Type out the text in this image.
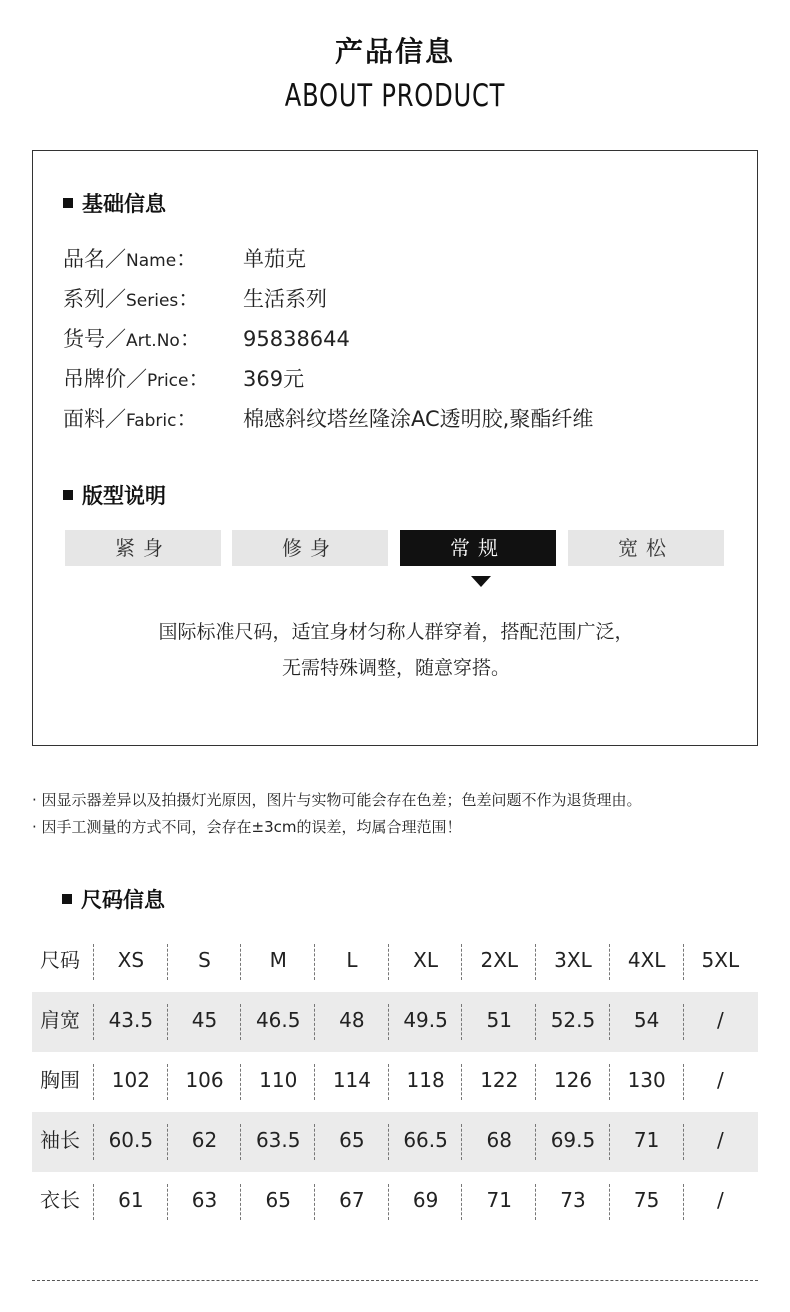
产品信息
ABOUT PRODUCT
基础信息
品名／Name： 单茄克
系列／Series： 生活系列
货号／Art.No： 95838644
吊牌价／Price： 369元
面料／Fabric： 棉感斜纹塔丝隆涂AC透明胶,聚酯纤维
版型说明
紧身	修身	常规	宽松
国际标准尺码，适宜身材匀称人群穿着，搭配范围广泛，
无需特殊调整，随意穿搭。
· 因显示器差异以及拍摄灯光原因，图片与实物可能会存在色差；色差问题不作为退货理由。
· 因手工测量的方式不同，会存在±3cm的误差，均属合理范围！
尺码信息
尺码	XS	S	M	L	XL	2XL	3XL	4XL	5XL
肩宽	43.5	45	46.5	48	49.5	51	52.5	54	/
胸围	102	106	110	114	118	122	126	130	/
袖长	60.5	62	63.5	65	66.5	68	69.5	71	/
衣长	61	63	65	67	69	71	73	75	/
